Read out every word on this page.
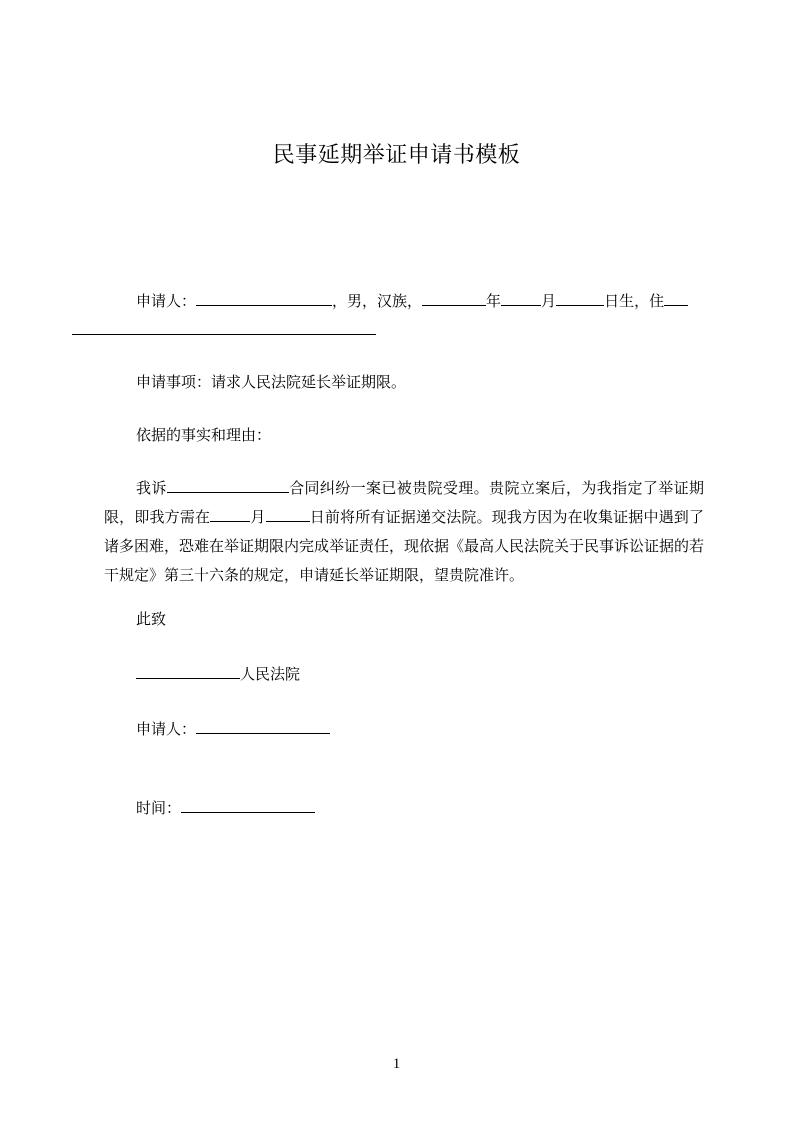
民事延期举证申请书模板

申请人：	，男，汉族，	年	月	日生，住

申请事项：请求人民法院延长举证期限。

依据的事实和理由：

我诉	合同纠纷一案已被贵院受理。贵院立案后，为我指定了举证期限，即我方需在	月	日前将所有证据递交法院。现我方因为在收集证据中遇到了诸多困难，恐难在举证期限内完成举证责任，现依据《最高人民法院关于民事诉讼证据的若干规定》第三十六条的规定，申请延长举证期限，望贵院准许。

此致

人民法院

申请人：

时间：

1
